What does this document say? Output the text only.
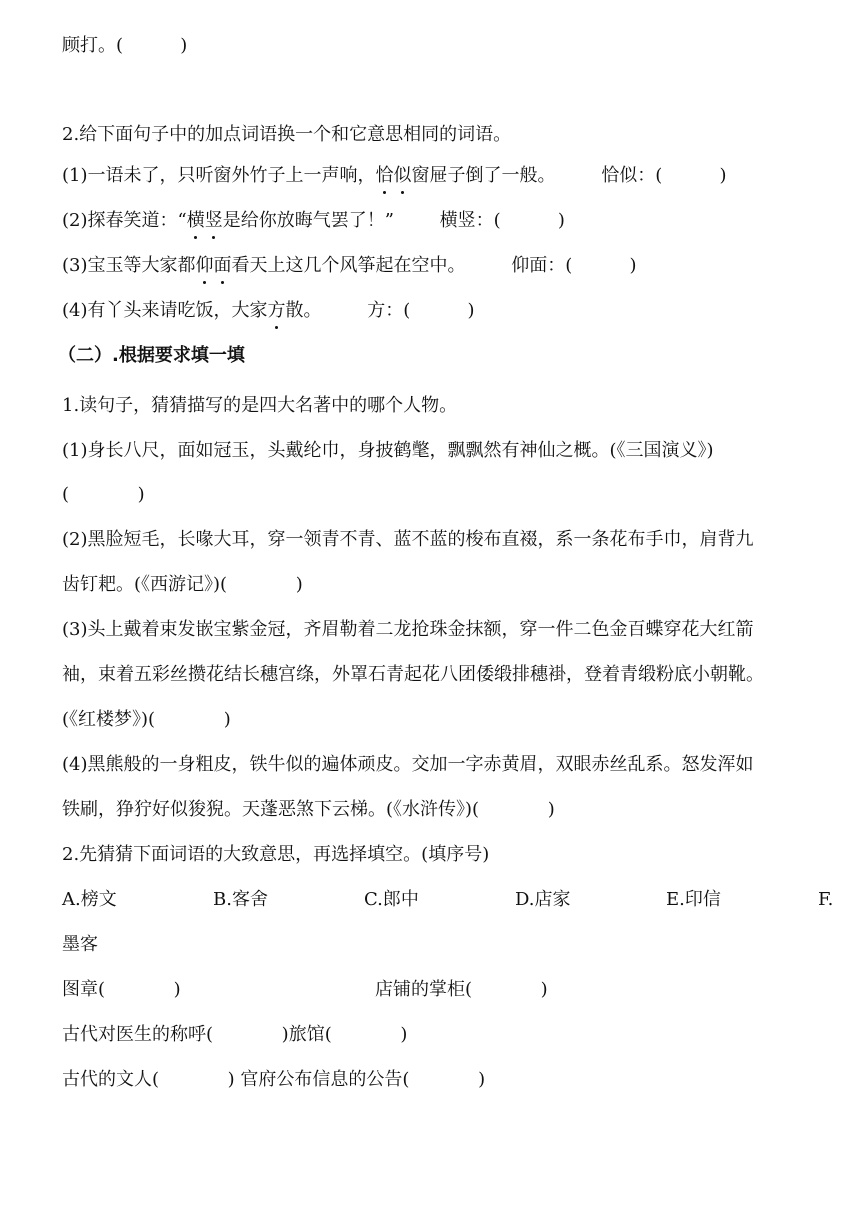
顾打。(          )
2.给下面句子中的加点词语换一个和它意思相同的词语。
(1)一语未了，只听窗外竹子上一声响，恰似窗屉子倒了一般。        恰似：(          )
(2)探春笑道：“横竖是给你放晦气罢了！”        横竖：(          )
(3)宝玉等大家都仰面看天上这几个风筝起在空中。        仰面：(          )
(4)有丫头来请吃饭，大家方散。        方：(          )
（二）.根据要求填一填
1.读句子，猜猜描写的是四大名著中的哪个人物。
(1)身长八尺，面如冠玉，头戴纶巾，身披鹤氅，飘飘然有神仙之概。(《三国演义》)
(            )
(2)黑脸短毛，长喙大耳，穿一领青不青、蓝不蓝的梭布直裰，系一条花布手巾，肩背九
齿钉耙。(《西游记》)(            )
(3)头上戴着束发嵌宝紫金冠，齐眉勒着二龙抢珠金抹额，穿一件二色金百蝶穿花大红箭
袖，束着五彩丝攒花结长穗宫绦，外罩石青起花八团倭缎排穗褂，登着青缎粉底小朝靴。
(《红楼梦》)(            )
(4)黑熊般的一身粗皮，铁牛似的遍体顽皮。交加一字赤黄眉，双眼赤丝乱系。怒发浑如
铁刷，狰狞好似狻猊。天蓬恶煞下云梯。(《水浒传》)(            )
2.先猜猜下面词语的大致意思，再选择填空。(填序号)
A.榜文	B.客舍	C.郎中	D.店家	E.印信	F.
墨客
图章(            )	店铺的掌柜(            )
古代对医生的称呼(            )旅馆(            )
古代的文人(            ) 官府公布信息的公告(            )
